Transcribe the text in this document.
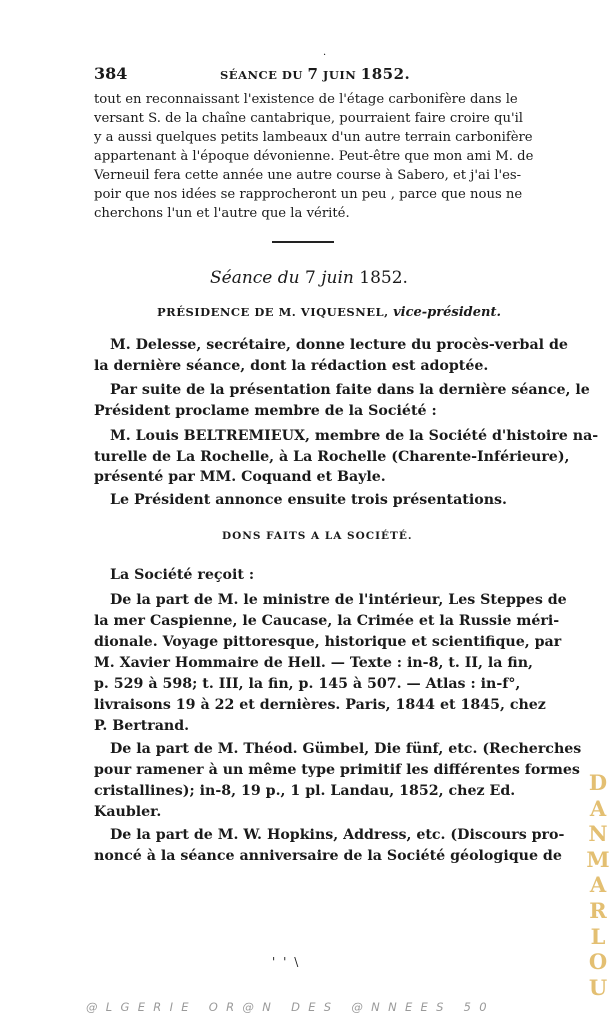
384	SÉANCE DU 7 JUIN 1852.
·
tout en reconnaissant l'existence de l'étage carbonifère dans le
versant S. de la chaîne cantabrique, pourraient faire croire qu'il
y a aussi quelques petits lambeaux d'un autre terrain carbonifère
appartenant à l'époque dévonienne. Peut-être que mon ami M. de
Verneuil fera cette année une autre course à Sabero, et j'ai l'es-
poir que nos idées se rapprocheront un peu , parce que nous ne
cherchons l'un et l'autre que la vérité.
Séance du 7 juin 1852.
PRÉSIDENCE DE M. VIQUESNEL, vice-président.
M. Delesse, secrétaire, donne lecture du procès-verbal de
la dernière séance, dont la rédaction est adoptée.
Par suite de la présentation faite dans la dernière séance, le
Président proclame membre de la Société :
M. Louis BELTREMIEUX, membre de la Société d'histoire na-
turelle de La Rochelle, à La Rochelle (Charente-Inférieure),
présenté par MM. Coquand et Bayle.
Le Président annonce ensuite trois présentations.
DONS FAITS A LA SOCIÉTÉ.
La Société reçoit :
De la part de M. le ministre de l'intérieur, Les Steppes de
la mer Caspienne, le Caucase, la Crimée et la Russie méri-
dionale. Voyage pittoresque, historique et scientifique, par
M. Xavier Hommaire de Hell. — Texte : in-8, t. II, la fin,
p. 529 à 598; t. III, la fin, p. 145 à 507. — Atlas : in-f°,
livraisons 19 à 22 et dernières. Paris, 1844 et 1845, chez
P. Bertrand.
De la part de M. Théod. Gümbel, Die fünf, etc. (Recherches
pour ramener à un même type primitif les différentes formes
cristallines); in-8, 19 p., 1 pl. Landau, 1852, chez Ed.
Kaubler.
De la part de M. W. Hopkins, Address, etc. (Discours pro-
noncé à la séance anniversaire de la Société géologique de
' ' \
D
A
N
M
A
R
L
O
U
@LGERIE OR@N DES @NNEES 50
